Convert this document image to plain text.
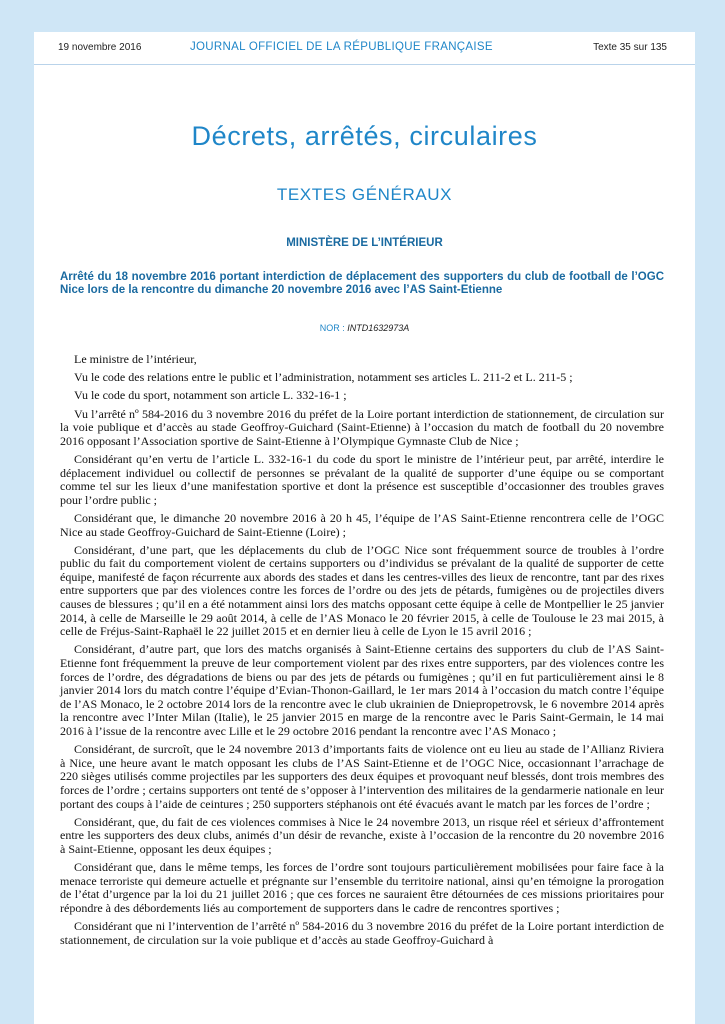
19 novembre 2016	JOURNAL OFFICIEL DE LA RÉPUBLIQUE FRANÇAISE	Texte 35 sur 135
Décrets, arrêtés, circulaires
TEXTES GÉNÉRAUX
MINISTÈRE DE L’INTÉRIEUR
Arrêté du 18 novembre 2016 portant interdiction de déplacement des supporters du club de football de l’OGC Nice lors de la rencontre du dimanche 20 novembre 2016 avec l’AS Saint-Etienne
NOR : INTD1632973A

Le ministre de l’intérieur,

Vu le code des relations entre le public et l’administration, notamment ses articles L. 211-2 et L. 211-5 ;

Vu le code du sport, notamment son article L. 332-16-1 ;

Vu l’arrêté nº 584-2016 du 3 novembre 2016 du préfet de la Loire portant interdiction de stationnement, de circulation sur la voie publique et d’accès au stade Geoffroy-Guichard (Saint-Etienne) à l’occasion du match de football du 20 novembre 2016 opposant l’Association sportive de Saint-Etienne à l’Olympique Gymnaste Club de Nice ;

Considérant qu’en vertu de l’article L. 332-16-1 du code du sport le ministre de l’intérieur peut, par arrêté, interdire le déplacement individuel ou collectif de personnes se prévalant de la qualité de supporter d’une équipe ou se comportant comme tel sur les lieux d’une manifestation sportive et dont la présence est susceptible d’occasionner des troubles graves pour l’ordre public ;

Considérant que, le dimanche 20 novembre 2016 à 20 h 45, l’équipe de l’AS Saint-Etienne rencontrera celle de l’OGC Nice au stade Geoffroy-Guichard de Saint-Etienne (Loire) ;

Considérant, d’une part, que les déplacements du club de l’OGC Nice sont fréquemment source de troubles à l’ordre public du fait du comportement violent de certains supporters ou d’individus se prévalant de la qualité de supporter de cette équipe, manifesté de façon récurrente aux abords des stades et dans les centres-villes des lieux de rencontre, tant par des rixes entre supporters que par des violences contre les forces de l’ordre ou des jets de pétards, fumigènes ou de projectiles divers causes de blessures ; qu’il en a été notamment ainsi lors des matchs opposant cette équipe à celle de Montpellier le 25 janvier 2014, à celle de Marseille le 29 août 2014, à celle de l’AS Monaco le 20 février 2015, à celle de Toulouse le 23 mai 2015, à celle de Fréjus-Saint-Raphaël le 22 juillet 2015 et en dernier lieu à celle de Lyon le 15 avril 2016 ;

Considérant, d’autre part, que lors des matchs organisés à Saint-Etienne certains des supporters du club de l’AS Saint-Etienne font fréquemment la preuve de leur comportement violent par des rixes entre supporters, par des violences contre les forces de l’ordre, des dégradations de biens ou par des jets de pétards ou fumigènes ; qu’il en fut particulièrement ainsi le 8 janvier 2014 lors du match contre l’équipe d’Evian-Thonon-Gaillard, le 1er mars 2014 à l’occasion du match contre l’équipe de l’AS Monaco, le 2 octobre 2014 lors de la rencontre avec le club ukrainien de Dniepropetrovsk, le 6 novembre 2014 après la rencontre avec l’Inter Milan (Italie), le 25 janvier 2015 en marge de la rencontre avec le Paris Saint-Germain, le 14 mai 2016 à l’issue de la rencontre avec Lille et le 29 octobre 2016 pendant la rencontre avec l’AS Monaco ;

Considérant, de surcroît, que le 24 novembre 2013 d’importants faits de violence ont eu lieu au stade de l’Allianz Riviera à Nice, une heure avant le match opposant les clubs de l’AS Saint-Etienne et de l’OGC Nice, occasionnant l’arrachage de 220 sièges utilisés comme projectiles par les supporters des deux équipes et provoquant neuf blessés, dont trois membres des forces de l’ordre ; certains supporters ont tenté de s’opposer à l’intervention des militaires de la gendarmerie nationale en leur portant des coups à l’aide de ceintures ; 250 supporters stéphanois ont été évacués avant le match par les forces de l’ordre ;

Considérant, que, du fait de ces violences commises à Nice le 24 novembre 2013, un risque réel et sérieux d’affrontement entre les supporters des deux clubs, animés d’un désir de revanche, existe à l’occasion de la rencontre du 20 novembre 2016 à Saint-Etienne, opposant les deux équipes ;

Considérant que, dans le même temps, les forces de l’ordre sont toujours particulièrement mobilisées pour faire face à la menace terroriste qui demeure actuelle et prégnante sur l’ensemble du territoire national, ainsi qu’en témoigne la prorogation de l’état d’urgence par la loi du 21 juillet 2016 ; que ces forces ne sauraient être détournées de ces missions prioritaires pour répondre à des débordements liés au comportement de supporters dans le cadre de rencontres sportives ;

Considérant que ni l’intervention de l’arrêté nº 584-2016 du 3 novembre 2016 du préfet de la Loire portant interdiction de stationnement, de circulation sur la voie publique et d’accès au stade Geoffroy-Guichard à
